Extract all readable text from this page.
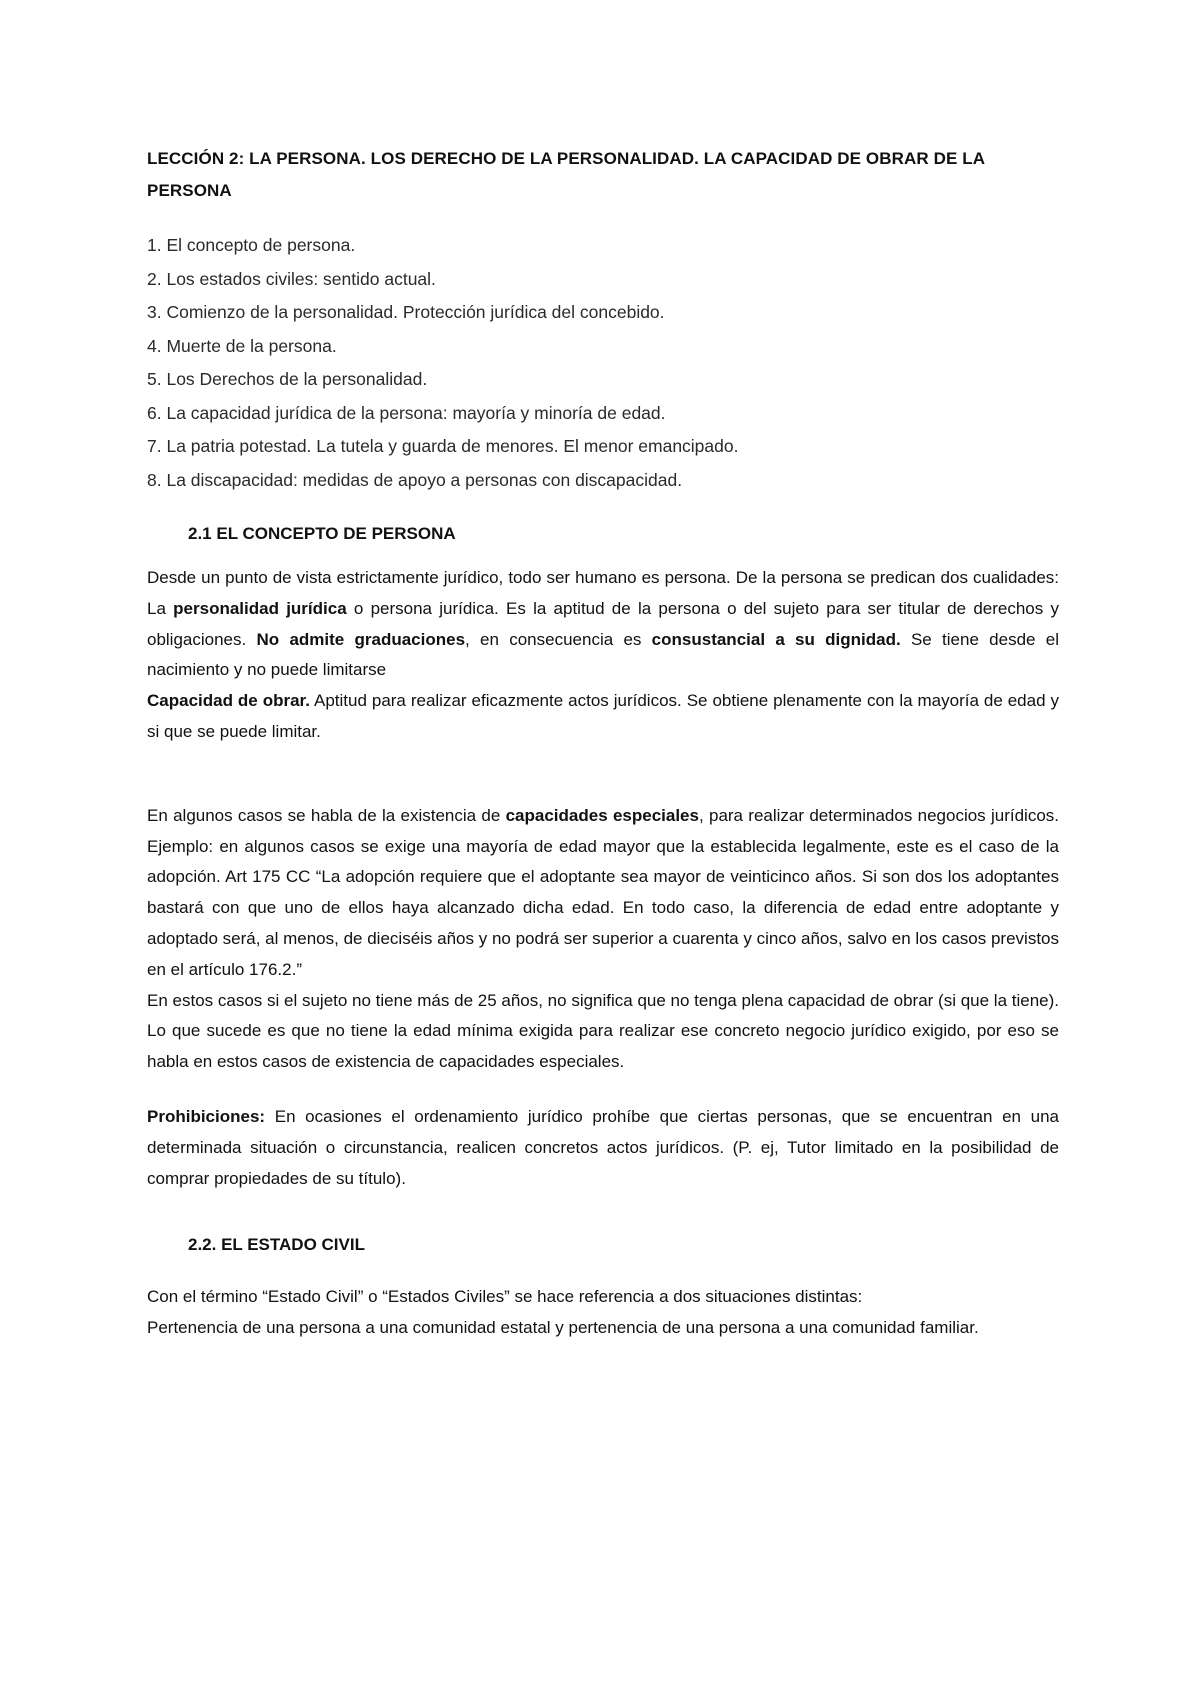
LECCIÓN 2: LA PERSONA. LOS DERECHO DE LA PERSONALIDAD. LA CAPACIDAD DE OBRAR DE LA PERSONA
1. El concepto de persona.
2. Los estados civiles: sentido actual.
3. Comienzo de la personalidad. Protección jurídica del concebido.
4. Muerte de la persona.
5. Los Derechos de la personalidad.
6. La capacidad jurídica de la persona: mayoría y minoría de edad.
7. La patria potestad. La tutela y guarda de menores. El menor emancipado.
8. La discapacidad: medidas de apoyo a personas con discapacidad.
2.1 EL CONCEPTO DE PERSONA

Desde un punto de vista estrictamente jurídico, todo ser humano es persona. De la persona se predican dos cualidades: La personalidad jurídica o persona jurídica. Es la aptitud de la persona o del sujeto para ser titular de derechos y obligaciones. No admite graduaciones, en consecuencia es consustancial a su dignidad. Se tiene desde el nacimiento y no puede limitarse

Capacidad de obrar. Aptitud para realizar eficazmente actos jurídicos. Se obtiene plenamente con la mayoría de edad y si que se puede limitar.

En algunos casos se habla de la existencia de capacidades especiales, para realizar determinados negocios jurídicos. Ejemplo: en algunos casos se exige una mayoría de edad mayor que la establecida legalmente, este es el caso de la adopción. Art 175 CC “La adopción requiere que el adoptante sea mayor de veinticinco años. Si son dos los adoptantes bastará con que uno de ellos haya alcanzado dicha edad. En todo caso, la diferencia de edad entre adoptante y adoptado será, al menos, de dieciséis años y no podrá ser superior a cuarenta y cinco años, salvo en los casos previstos en el artículo 176.2.”

En estos casos si el sujeto no tiene más de 25 años, no significa que no tenga plena capacidad de obrar (si que la tiene). Lo que sucede es que no tiene la edad mínima exigida para realizar ese concreto negocio jurídico exigido, por eso se habla en estos casos de existencia de capacidades especiales.

Prohibiciones: En ocasiones el ordenamiento jurídico prohíbe que ciertas personas, que se encuentran en una determinada situación o circunstancia, realicen concretos actos jurídicos. (P. ej, Tutor limitado en la posibilidad de comprar propiedades de su título).

2.2. EL ESTADO CIVIL

Con el término “Estado Civil” o “Estados Civiles” se hace referencia a dos situaciones distintas:

Pertenencia de una persona a una comunidad estatal y pertenencia de una persona a una comunidad familiar.
